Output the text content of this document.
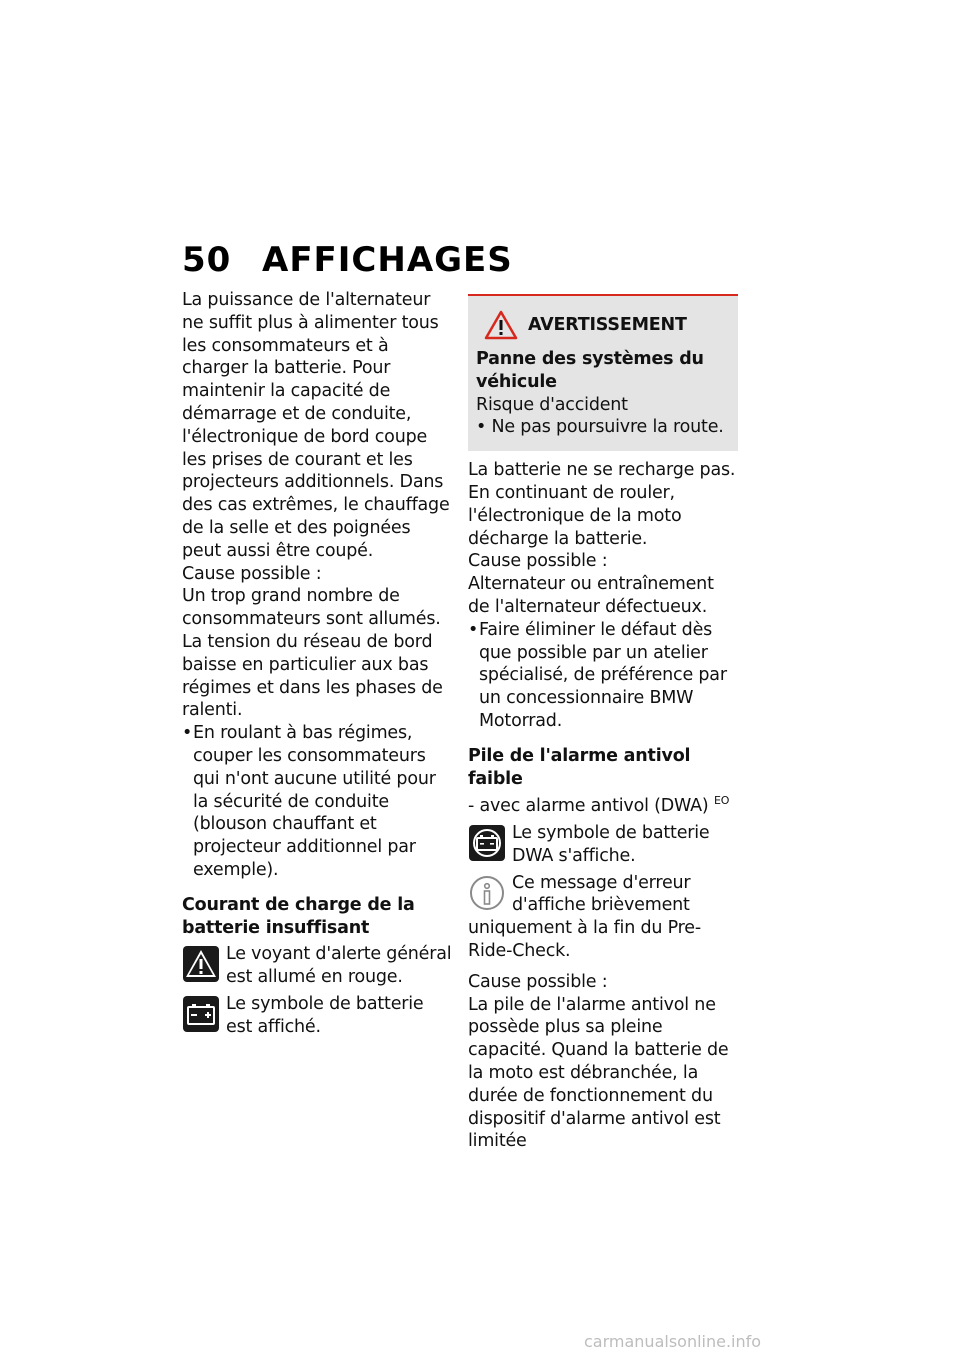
50 AFFICHAGES

La puissance de l'alternateur ne suffit plus à alimenter tous les consommateurs et à charger la batterie. Pour maintenir la capacité de démarrage et de conduite, l'électronique de bord coupe les prises de courant et les projecteurs additionnels. Dans des cas extrêmes, le chauffage de la selle et des poignées peut aussi être coupé.

Cause possible :

Un trop grand nombre de consommateurs sont allumés. La tension du réseau de bord baisse en particulier aux bas régimes et dans les phases de ralenti.

• En roulant à bas régimes, couper les consommateurs qui n'ont aucune utilité pour la sécurité de conduite (blouson chauffant et projecteur additionnel par exemple).

Courant de charge de la batterie insuffisant

Le voyant d'alerte général est allumé en rouge.
Le symbole de batterie est affiché.
AVERTISSEMENT

Panne des systèmes du véhicule

Risque d'accident

• Ne pas poursuivre la route.

La batterie ne se recharge pas. En continuant de rouler, l'électronique de la moto décharge la batterie.

Cause possible :

Alternateur ou entraînement de l'alternateur défectueux.

• Faire éliminer le défaut dès que possible par un atelier spécialisé, de préférence par un concessionnaire BMW Motorrad.

Pile de l'alarme antivol faible

- avec alarme antivol (DWA) $^{EO}$

Le symbole de batterie DWA s'affiche.
Ce message d'erreur d'affiche brièvement uniquement à la fin du Pre-Ride-Check.

Cause possible :

La pile de l'alarme antivol ne possède plus sa pleine capacité. Quand la batterie de la moto est débranchée, la durée de fonctionnement du dispositif d'alarme antivol est limitée

carmanualsonline.info
